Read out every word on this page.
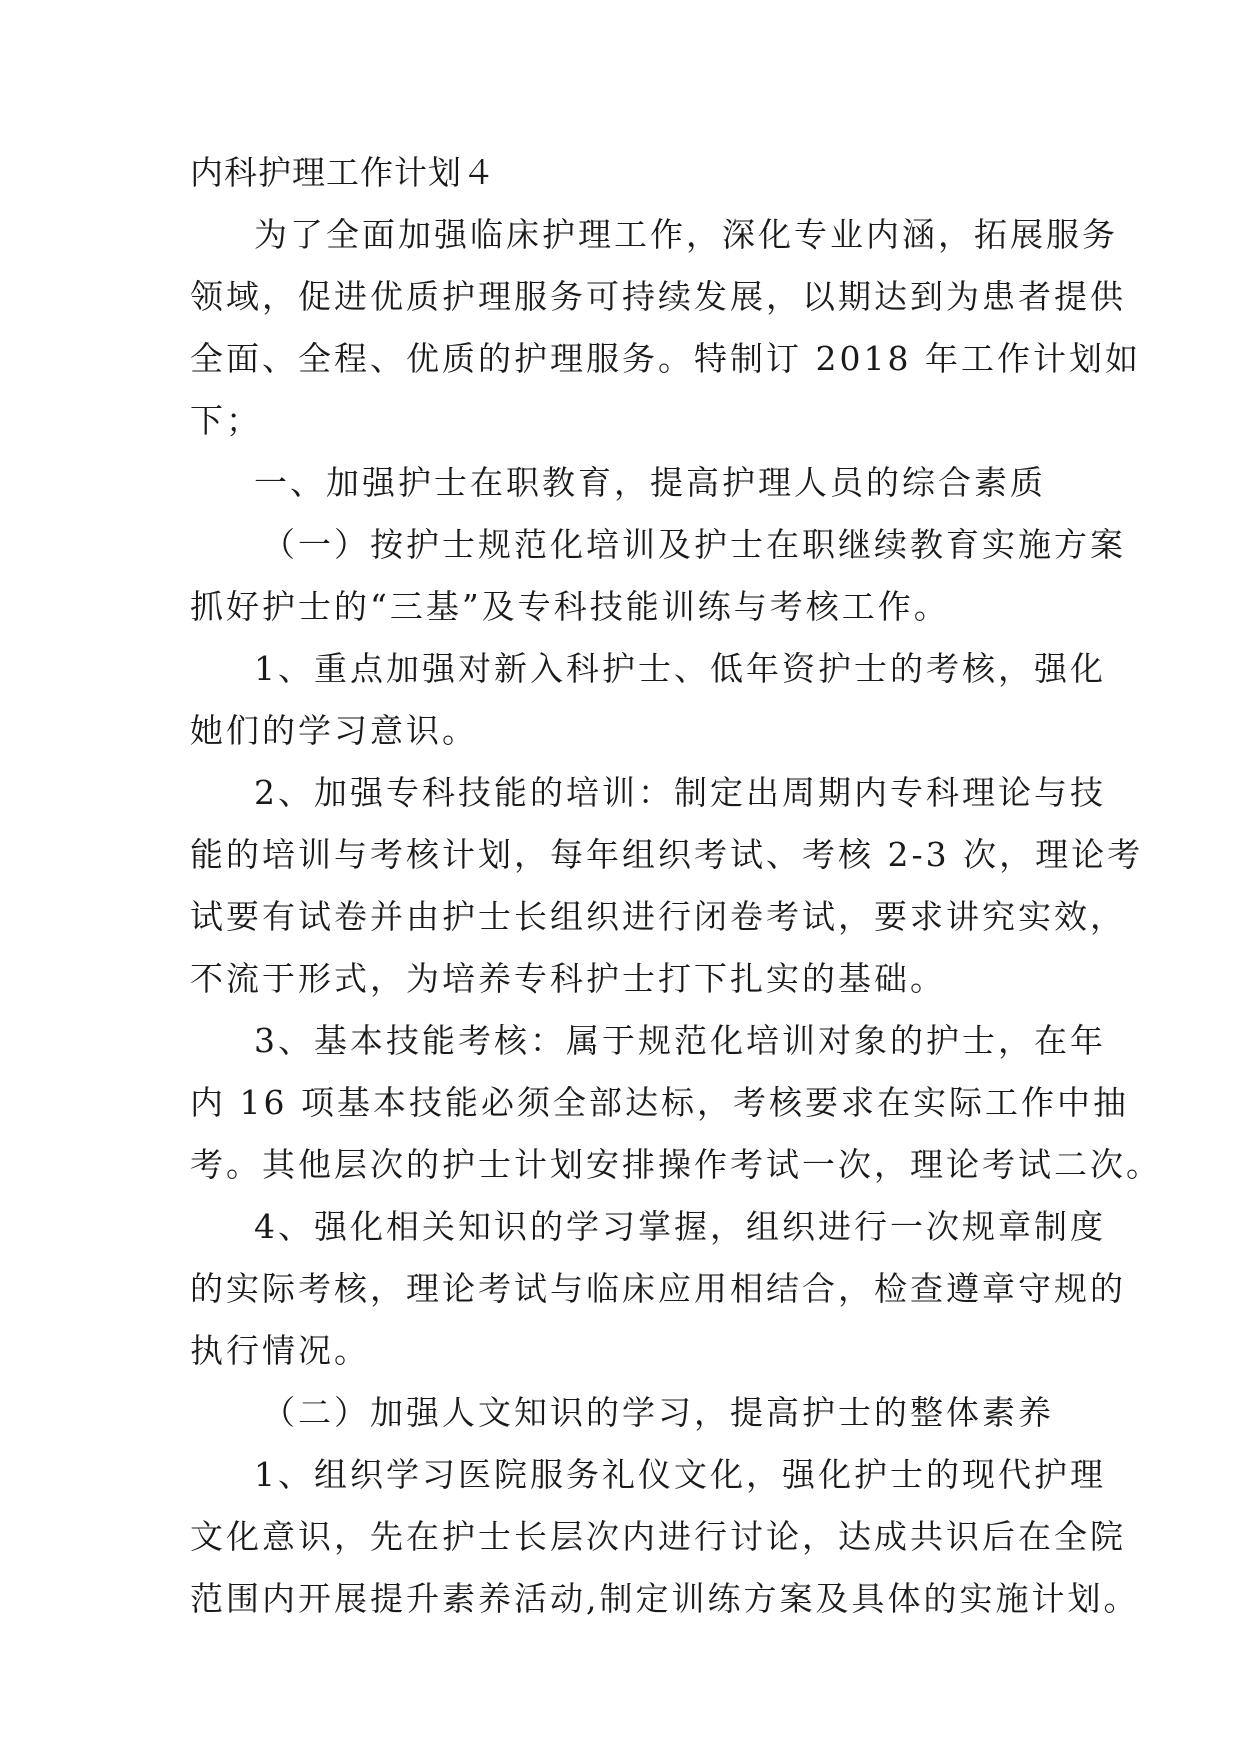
内科护理工作计划４
为了全面加强临床护理工作，深化专业内涵，拓展服务
领域，促进优质护理服务可持续发展，以期达到为患者提供
全面、全程、优质的护理服务。特制订 2018 年工作计划如
下；
一、加强护士在职教育，提高护理人员的综合素质
（一）按护士规范化培训及护士在职继续教育实施方案
抓好护士的“三基”及专科技能训练与考核工作。
1、重点加强对新入科护士、低年资护士的考核，强化
她们的学习意识。
2、加强专科技能的培训：制定出周期内专科理论与技
能的培训与考核计划，每年组织考试、考核 2-3 次，理论考
试要有试卷并由护士长组织进行闭卷考试，要求讲究实效，
不流于形式，为培养专科护士打下扎实的基础。
3、基本技能考核：属于规范化培训对象的护士，在年
内 16 项基本技能必须全部达标，考核要求在实际工作中抽
考。其他层次的护士计划安排操作考试一次，理论考试二次。
4、强化相关知识的学习掌握，组织进行一次规章制度
的实际考核，理论考试与临床应用相结合，检查遵章守规的
执行情况。
（二）加强人文知识的学习，提高护士的整体素养
1、组织学习医院服务礼仪文化，强化护士的现代护理
文化意识，先在护士长层次内进行讨论，达成共识后在全院
范围内开展提升素养活动,制定训练方案及具体的实施计划。
